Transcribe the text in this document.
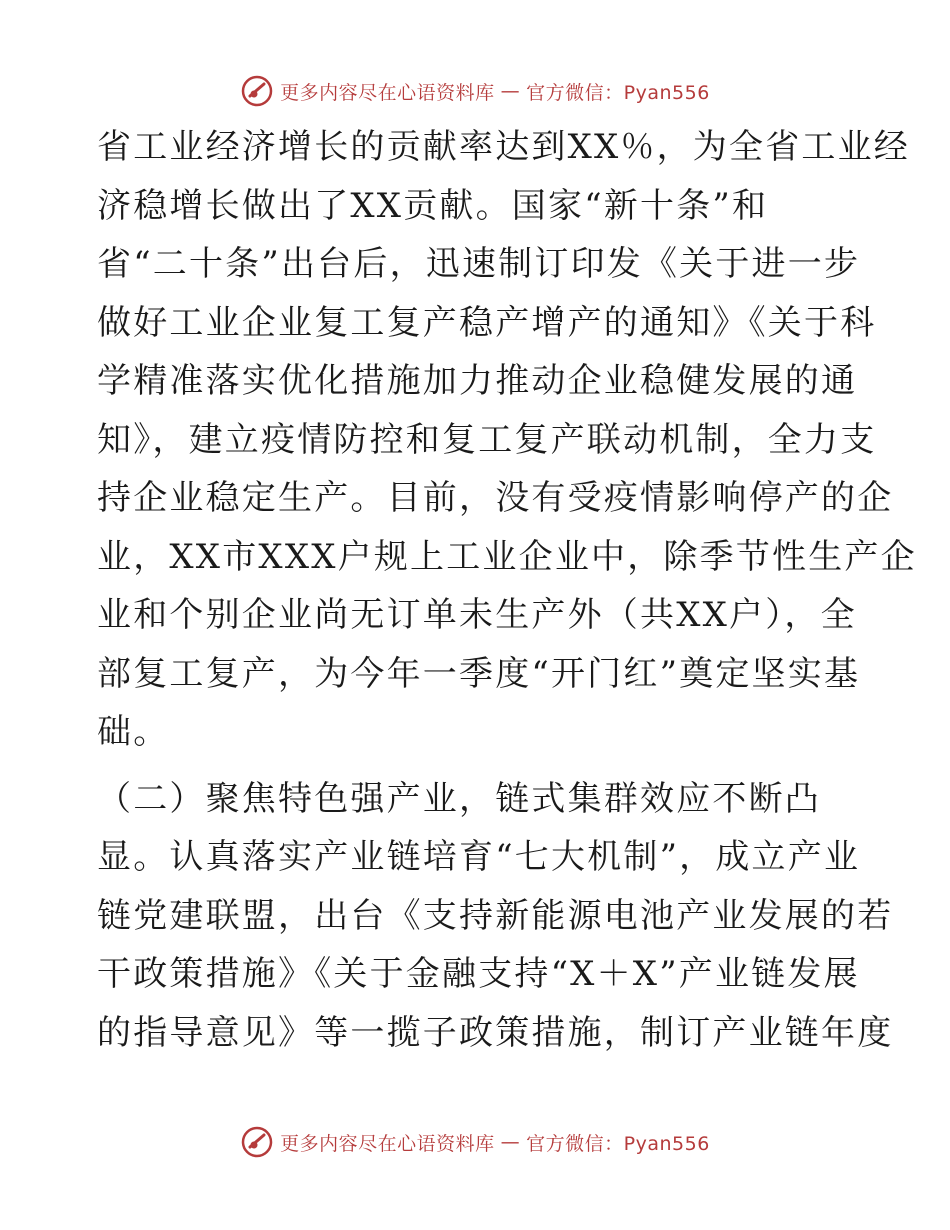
更多内容尽在心语资料库 — 官方微信：Pyan556
省工业经济增长的贡献率达到XX％，为全省工业经
济稳增长做出了XX贡献。国家“新十条”和
省“二十条”出台后，迅速制订印发《关于进一步
做好工业企业复工复产稳产增产的通知》《关于科
学精准落实优化措施加力推动企业稳健发展的通
知》，建立疫情防控和复工复产联动机制，全力支
持企业稳定生产。目前，没有受疫情影响停产的企
业，XX市XXX户规上工业企业中，除季节性生产企
业和个别企业尚无订单未生产外（共XX户），全
部复工复产，为今年一季度“开门红”奠定坚实基
础。
（二）聚焦特色强产业，链式集群效应不断凸
显。认真落实产业链培育“七大机制”，成立产业
链党建联盟，出台《支持新能源电池产业发展的若
干政策措施》《关于金融支持“X＋X”产业链发展
的指导意见》等一揽子政策措施，制订产业链年度
更多内容尽在心语资料库 — 官方微信：Pyan556
